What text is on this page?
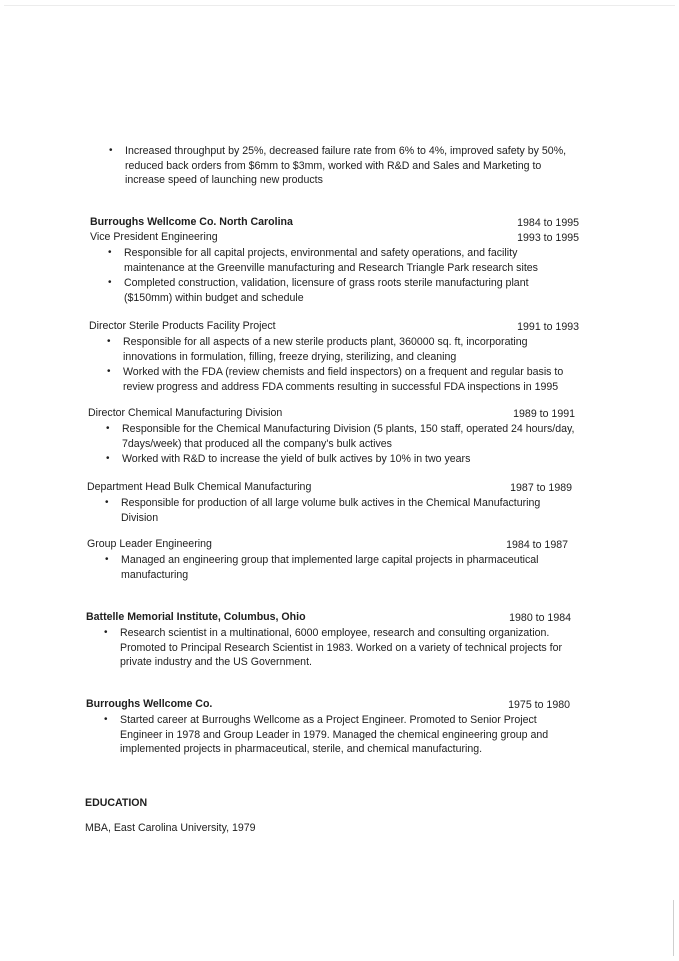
• Increased throughput by 25%, decreased failure rate from 6% to 4%, improved safety by 50%, reduced back orders from $6mm to $3mm, worked with R&D and Sales and Marketing to increase speed of launching new products
Burroughs Wellcome Co. North Carolina	1984 to 1995
Vice President Engineering	1993 to 1995
• Responsible for all capital projects, environmental and safety operations, and facility maintenance at the Greenville manufacturing and Research Triangle Park research sites
• Completed construction, validation, licensure of grass roots sterile manufacturing plant ($150mm) within budget and schedule
Director Sterile Products Facility Project	1991 to 1993
• Responsible for all aspects of a new sterile products plant, 360000 sq. ft, incorporating innovations in formulation, filling, freeze drying, sterilizing, and cleaning
• Worked with the FDA (review chemists and field inspectors) on a frequent and regular basis to review progress and address FDA comments resulting in successful FDA inspections in 1995
Director Chemical Manufacturing Division	1989 to 1991
• Responsible for the Chemical Manufacturing Division (5 plants, 150 staff, operated 24 hours/day, 7days/week) that produced all the company's bulk actives
• Worked with R&D to increase the yield of bulk actives by 10% in two years
Department Head Bulk Chemical Manufacturing	1987 to 1989
• Responsible for production of all large volume bulk actives in the Chemical Manufacturing Division
Group Leader Engineering	1984 to 1987
• Managed an engineering group that implemented large capital projects in pharmaceutical manufacturing
Battelle Memorial Institute, Columbus, Ohio	1980 to 1984
• Research scientist in a multinational, 6000 employee, research and consulting organization. Promoted to Principal Research Scientist in 1983. Worked on a variety of technical projects for private industry and the US Government.
Burroughs Wellcome Co.	1975 to 1980
• Started career at Burroughs Wellcome as a Project Engineer. Promoted to Senior Project Engineer in 1978 and Group Leader in 1979. Managed the chemical engineering group and implemented projects in pharmaceutical, sterile, and chemical manufacturing.
EDUCATION
MBA, East Carolina University, 1979
